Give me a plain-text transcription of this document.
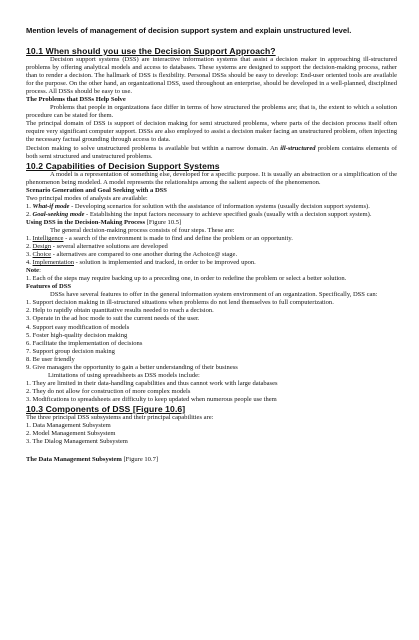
Mention levels of management of decision support system and explain unstructured level.
10.1 When should you use the Decision Support Approach?

Decision support systems (DSS) are interactive information systems that assist a decision maker in approaching ill-structured problems by offering analytical models and access to databases. These systems are designed to support the decision-making process, rather than to render a decision. The hallmark of DSS is flexibility. Personal DSSs should be easy to develop: End-user oriented tools are available for the purpose. On the other hand, an organizational DSS, used throughout an enterprise, should be developed in a well-planned, disciplined process. All DSSs should be easy to use.

The Problems that DSSs Help Solve

Problems that people in organizations face differ in terms of how structured the problems are; that is, the extent to which a solution procedure can be stated for them.

The principal domain of DSS is support of decision making for semi structured problems, where parts of the decision process itself often require very significant computer support. DSSs are also employed to assist a decision maker facing an unstructured problem, often injecting the necessary factual grounding through access to data.

Decision making to solve unstructured problems is available but within a narrow domain. An ill-structured problem contains elements of both semi structured and unstructured problems.

10.2 Capabilities of Decision Support Systems

A model is a representation of something else, developed for a specific purpose. It is usually an abstraction or a simplification of the phenomenon being modeled. A model represents the relationships among the salient aspects of the phenomenon.

Scenario Generation and Goal Seeking with a DSS

Two principal modes of analysis are available:

1. What-if mode - Developing scenarios for solution with the assistance of information systems (usually decision support systems).

2. Goal-seeking mode - Establishing the input factors necessary to achieve specified goals (usually with a decision support system).

Using DSS in the Decision-Making Process [Figure 10.5]

The general decision-making process consists of four steps. These are:

1. Intelligence - a search of the environment is made to find and define the problem or an opportunity.

2. Design - several alternative solutions are developed

3. Choice - alternatives are compared to one another during the Achoice@ stage.

4. Implementation - solution is implemented and tracked, in order to be improved upon.

Note:

1. Each of the steps may require backing up to a preceding one, in order to redefine the problem or select a better solution.

Features of DSS

DSSs have several features to offer in the general information system environment of an organization. Specifically, DSS can:

1. Support decision making in ill-structured situations when problems do not lend themselves to full computerization.

2. Help to rapidly obtain quantitative results needed to reach a decision.

3. Operate in the ad hoc mode to suit the current needs of the user.

4. Support easy modification of models

5. Foster high-quality decision making

6. Facilitate the implementation of decisions

7. Support group decision making

8. Be user friendly

9. Give managers the opportunity to gain a better understanding of their business

Limitations of using spreadsheets as DSS models include:

1. They are limited in their data-handling capabilities and thus cannot work with large databases

2. They do not allow for construction of more complex models

3. Modifications to spreadsheets are difficulty to keep updated when numerous people use them

10.3 Components of DSS [Figure 10.6]

The three principal DSS subsystems and their principal capabilities are:

1. Data Management Subsystem

2. Model Management Subsystem

3. The Dialog Management Subsystem

The Data Management Subsystem [Figure 10.7]
